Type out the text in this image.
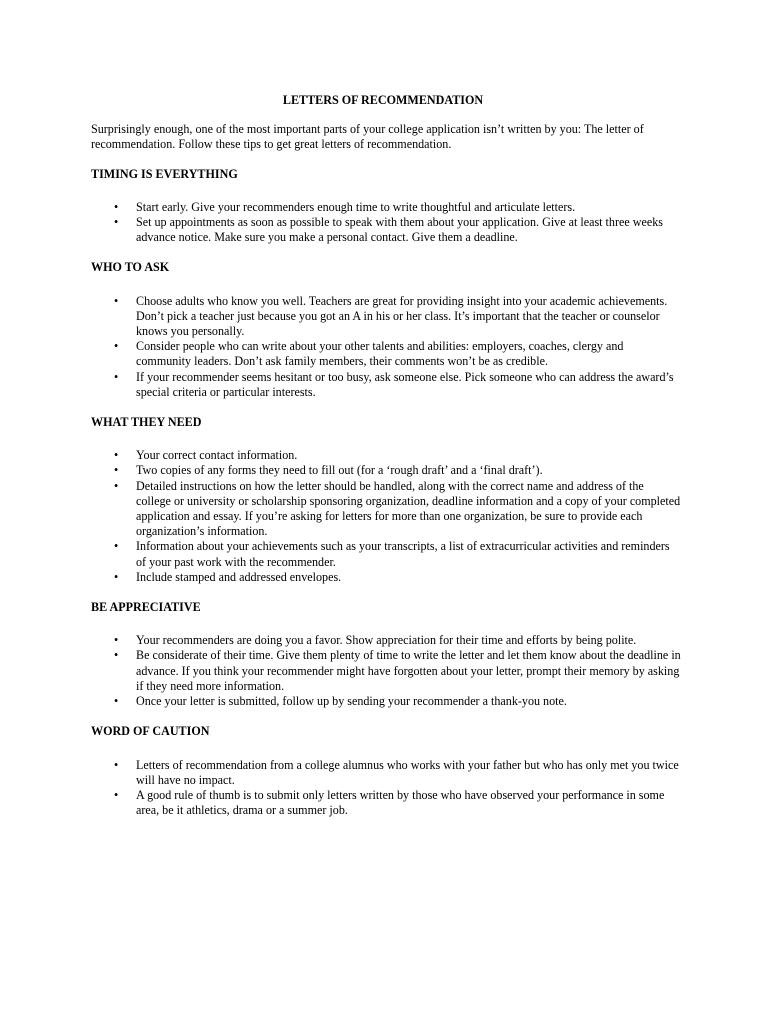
LETTERS OF RECOMMENDATION

Surprisingly enough, one of the most important parts of your college application isn’t written by you: The letter of recommendation. Follow these tips to get great letters of recommendation.

TIMING IS EVERYTHING
• Start early. Give your recommenders enough time to write thoughtful and articulate letters.
• Set up appointments as soon as possible to speak with them about your application. Give at least three weeks advance notice. Make sure you make a personal contact. Give them a deadline.
WHO TO ASK
• Choose adults who know you well. Teachers are great for providing insight into your academic achievements. Don’t pick a teacher just because you got an A in his or her class. It’s important that the teacher or counselor knows you personally.
• Consider people who can write about your other talents and abilities: employers, coaches, clergy and community leaders. Don’t ask family members, their comments won’t be as credible.
• If your recommender seems hesitant or too busy, ask someone else. Pick someone who can address the award’s special criteria or particular interests.
WHAT THEY NEED
• Your correct contact information.
• Two copies of any forms they need to fill out (for a ‘rough draft’ and a ‘final draft’).
• Detailed instructions on how the letter should be handled, along with the correct name and address of the college or university or scholarship sponsoring organization, deadline information and a copy of your completed application and essay. If you’re asking for letters for more than one organization, be sure to provide each organization’s information.
• Information about your achievements such as your transcripts, a list of extracurricular activities and reminders of your past work with the recommender.
• Include stamped and addressed envelopes.
BE APPRECIATIVE
• Your recommenders are doing you a favor. Show appreciation for their time and efforts by being polite.
• Be considerate of their time. Give them plenty of time to write the letter and let them know about the deadline in advance. If you think your recommender might have forgotten about your letter, prompt their memory by asking if they need more information.
• Once your letter is submitted, follow up by sending your recommender a thank-you note.
WORD OF CAUTION
• Letters of recommendation from a college alumnus who works with your father but who has only met you twice will have no impact.
• A good rule of thumb is to submit only letters written by those who have observed your performance in some area, be it athletics, drama or a summer job.
